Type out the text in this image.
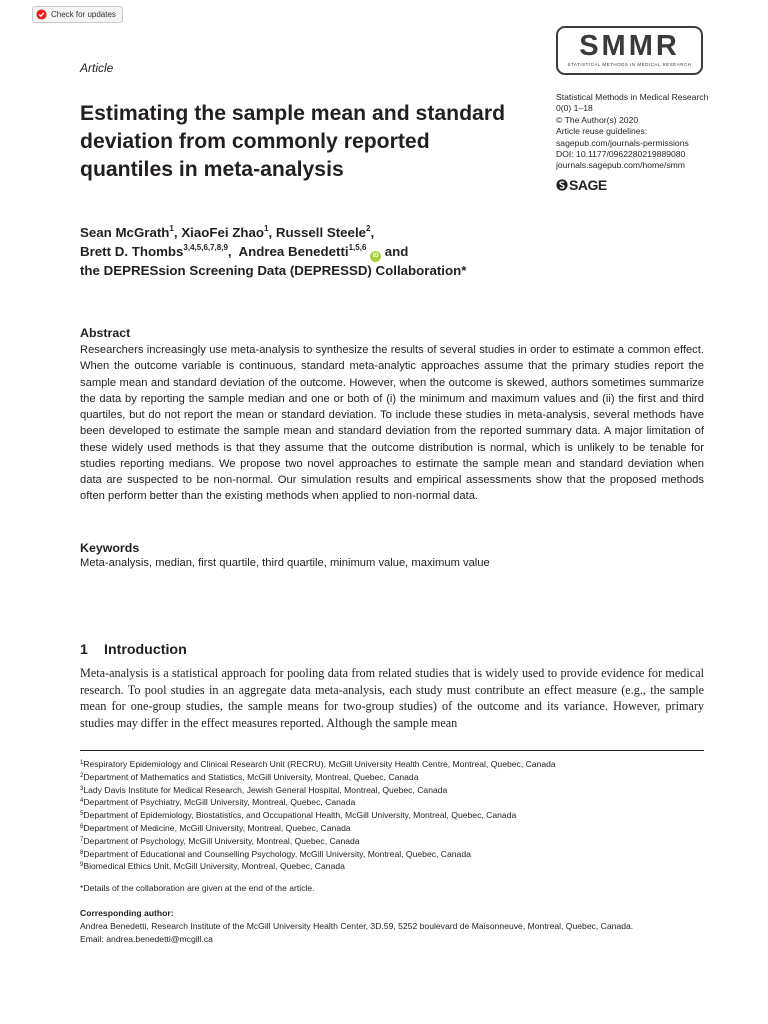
Check for updates
Article
SMMR
STATISTICAL METHODS IN MEDICAL RESEARCH
Statistical Methods in Medical Research
0(0) 1–18
© The Author(s) 2020
Article reuse guidelines:
sagepub.com/journals-permissions
DOI: 10.1177/0962280219889080
journals.sagepub.com/home/smm
SAGE
Estimating the sample mean and standard deviation from commonly reported quantiles in meta-analysis
Sean McGrath$^1$, XiaoFei Zhao$^1$, Russell Steele$^2$,
Brett D. Thombs$^{3,4,5,6,7,8,9}$,  Andrea Benedetti$^{1,5,6}$ iD and
the DEPRESsion Screening Data (DEPRESSD) Collaboration*
Abstract

Researchers increasingly use meta-analysis to synthesize the results of several studies in order to estimate a common effect. When the outcome variable is continuous, standard meta-analytic approaches assume that the primary studies report the sample mean and standard deviation of the outcome. However, when the outcome is skewed, authors sometimes summarize the data by reporting the sample median and one or both of (i) the minimum and maximum values and (ii) the first and third quartiles, but do not report the mean or standard deviation. To include these studies in meta-analysis, several methods have been developed to estimate the sample mean and standard deviation from the reported summary data. A major limitation of these widely used methods is that they assume that the outcome distribution is normal, which is unlikely to be tenable for studies reporting medians. We propose two novel approaches to estimate the sample mean and standard deviation when data are suspected to be non-normal. Our simulation results and empirical assessments show that the proposed methods often perform better than the existing methods when applied to non-normal data.

Keywords

Meta-analysis, median, first quartile, third quartile, minimum value, maximum value

1 Introduction

Meta-analysis is a statistical approach for pooling data from related studies that is widely used to provide evidence for medical research. To pool studies in an aggregate data meta-analysis, each study must contribute an effect measure (e.g., the sample mean for one-group studies, the sample means for two-group studies) of the outcome and its variance. However, primary studies may differ in the effect measures reported. Although the sample mean

$^1$Respiratory Epidemiology and Clinical Research Unit (RECRU), McGill University Health Centre, Montreal, Quebec, Canada
$^2$Department of Mathematics and Statistics, McGill University, Montreal, Quebec, Canada
$^3$Lady Davis Institute for Medical Research, Jewish General Hospital, Montreal, Quebec, Canada
$^4$Department of Psychiatry, McGill University, Montreal, Quebec, Canada
$^5$Department of Epidemiology, Biostatistics, and Occupational Health, McGill University, Montreal, Quebec, Canada
$^6$Department of Medicine, McGill University, Montreal, Quebec, Canada
$^7$Department of Psychology, McGill University, Montreal, Quebec, Canada
$^8$Department of Educational and Counselling Psychology, McGill University, Montreal, Quebec, Canada
$^9$Biomedical Ethics Unit, McGill University, Montreal, Quebec, Canada
*Details of the collaboration are given at the end of the article.
Corresponding author:
Andrea Benedetti, Research Institute of the McGill University Health Center, 3D.59, 5252 boulevard de Maisonneuve, Montreal, Quebec, Canada.
Email: andrea.benedetti@mcgill.ca
